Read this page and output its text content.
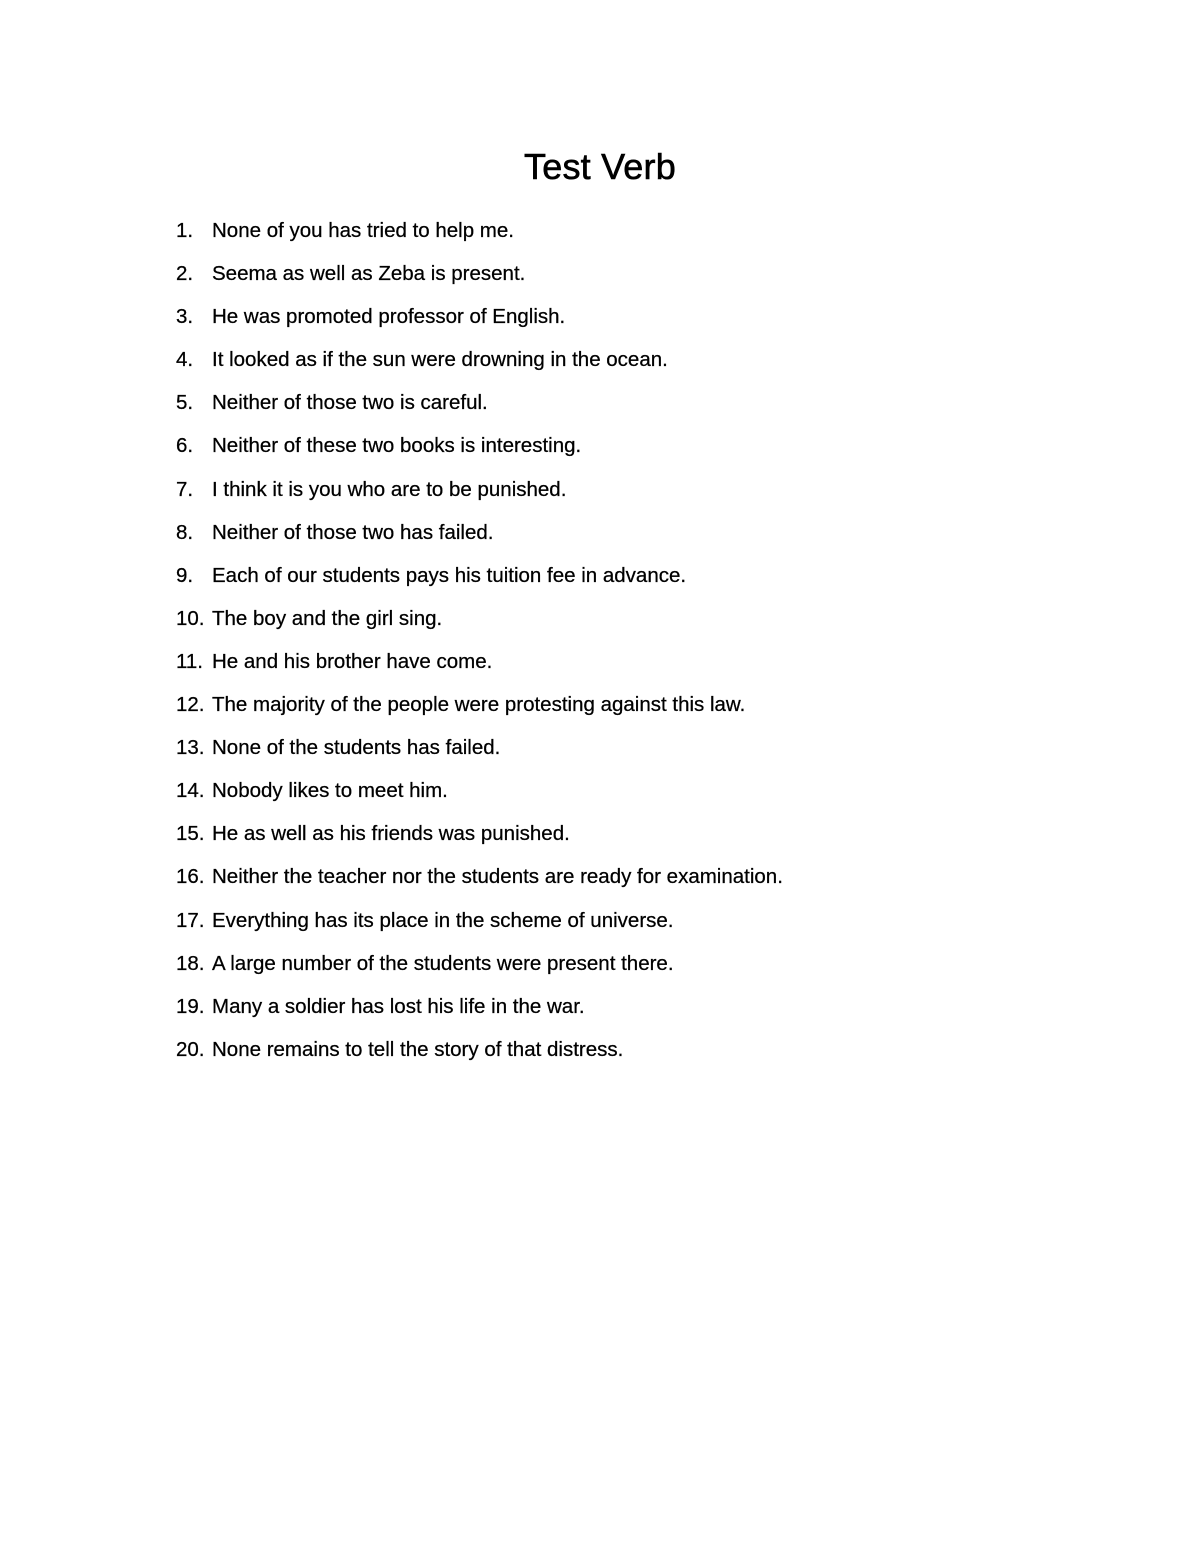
Test Verb
1. None of you has tried to help me.
2. Seema as well as Zeba is present.
3. He was promoted professor of English.
4. It looked as if the sun were drowning in the ocean.
5. Neither of those two is careful.
6. Neither of these two books is interesting.
7. I think it is you who are to be punished.
8. Neither of those two has failed.
9. Each of our students pays his tuition fee in advance.
10. The boy and the girl sing.
11. He and his brother have come.
12. The majority of the people were protesting against this law.
13. None of the students has failed.
14. Nobody likes to meet him.
15. He as well as his friends was punished.
16. Neither the teacher nor the students are ready for examination.
17. Everything has its place in the scheme of universe.
18. A large number of the students were present there.
19. Many a soldier has lost his life in the war.
20. None remains to tell the story of that distress.
